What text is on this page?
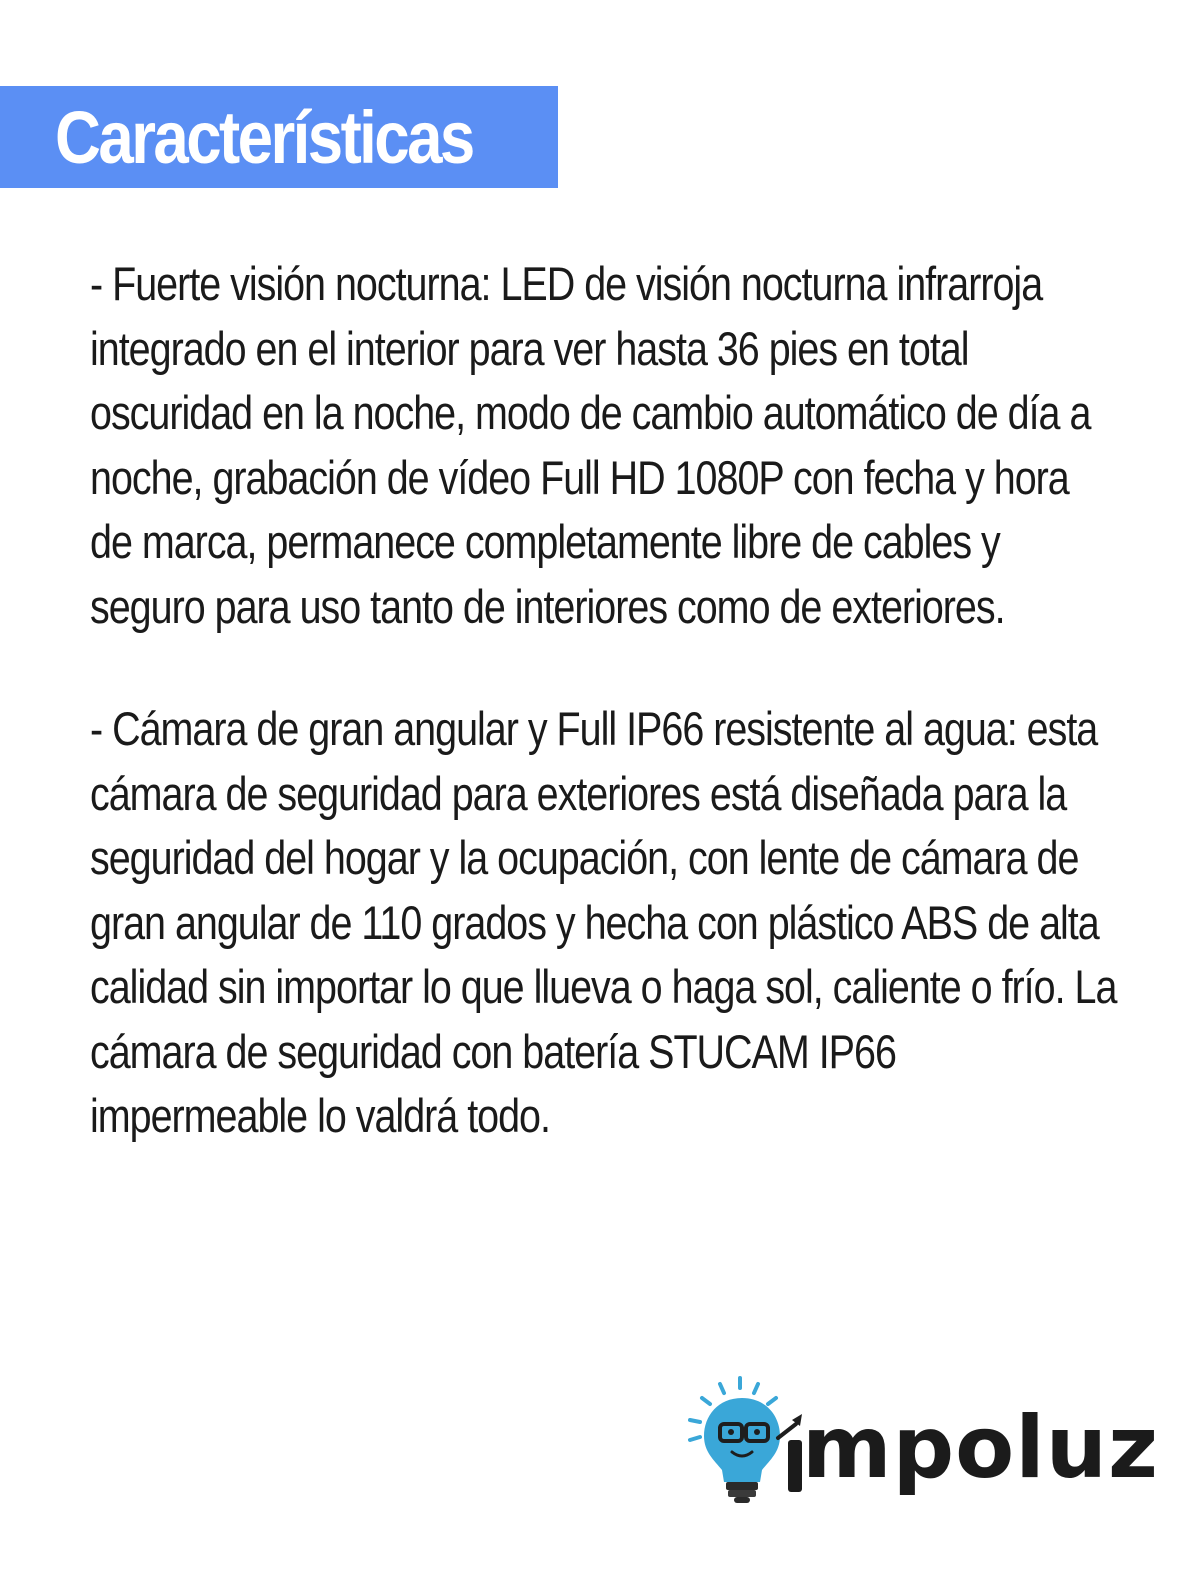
Características

- Fuerte visión nocturna: LED de visión nocturna infrarroja integrado en el interior para ver hasta 36 pies en total oscuridad en la noche, modo de cambio automático de día a noche, grabación de vídeo Full HD 1080P con fecha y hora de marca, permanece completamente libre de cables y seguro para uso tanto de interiores como de exteriores.

- Cámara de gran angular y Full IP66 resistente al agua: esta cámara de seguridad para exteriores está diseñada para la seguridad del hogar y la ocupación, con lente de cámara de gran angular de 110 grados y hecha con plástico ABS de alta calidad sin importar lo que llueva o haga sol, caliente o frío. La cámara de seguridad con batería STUCAM IP66 impermeable lo valdrá todo.

mpoluz
